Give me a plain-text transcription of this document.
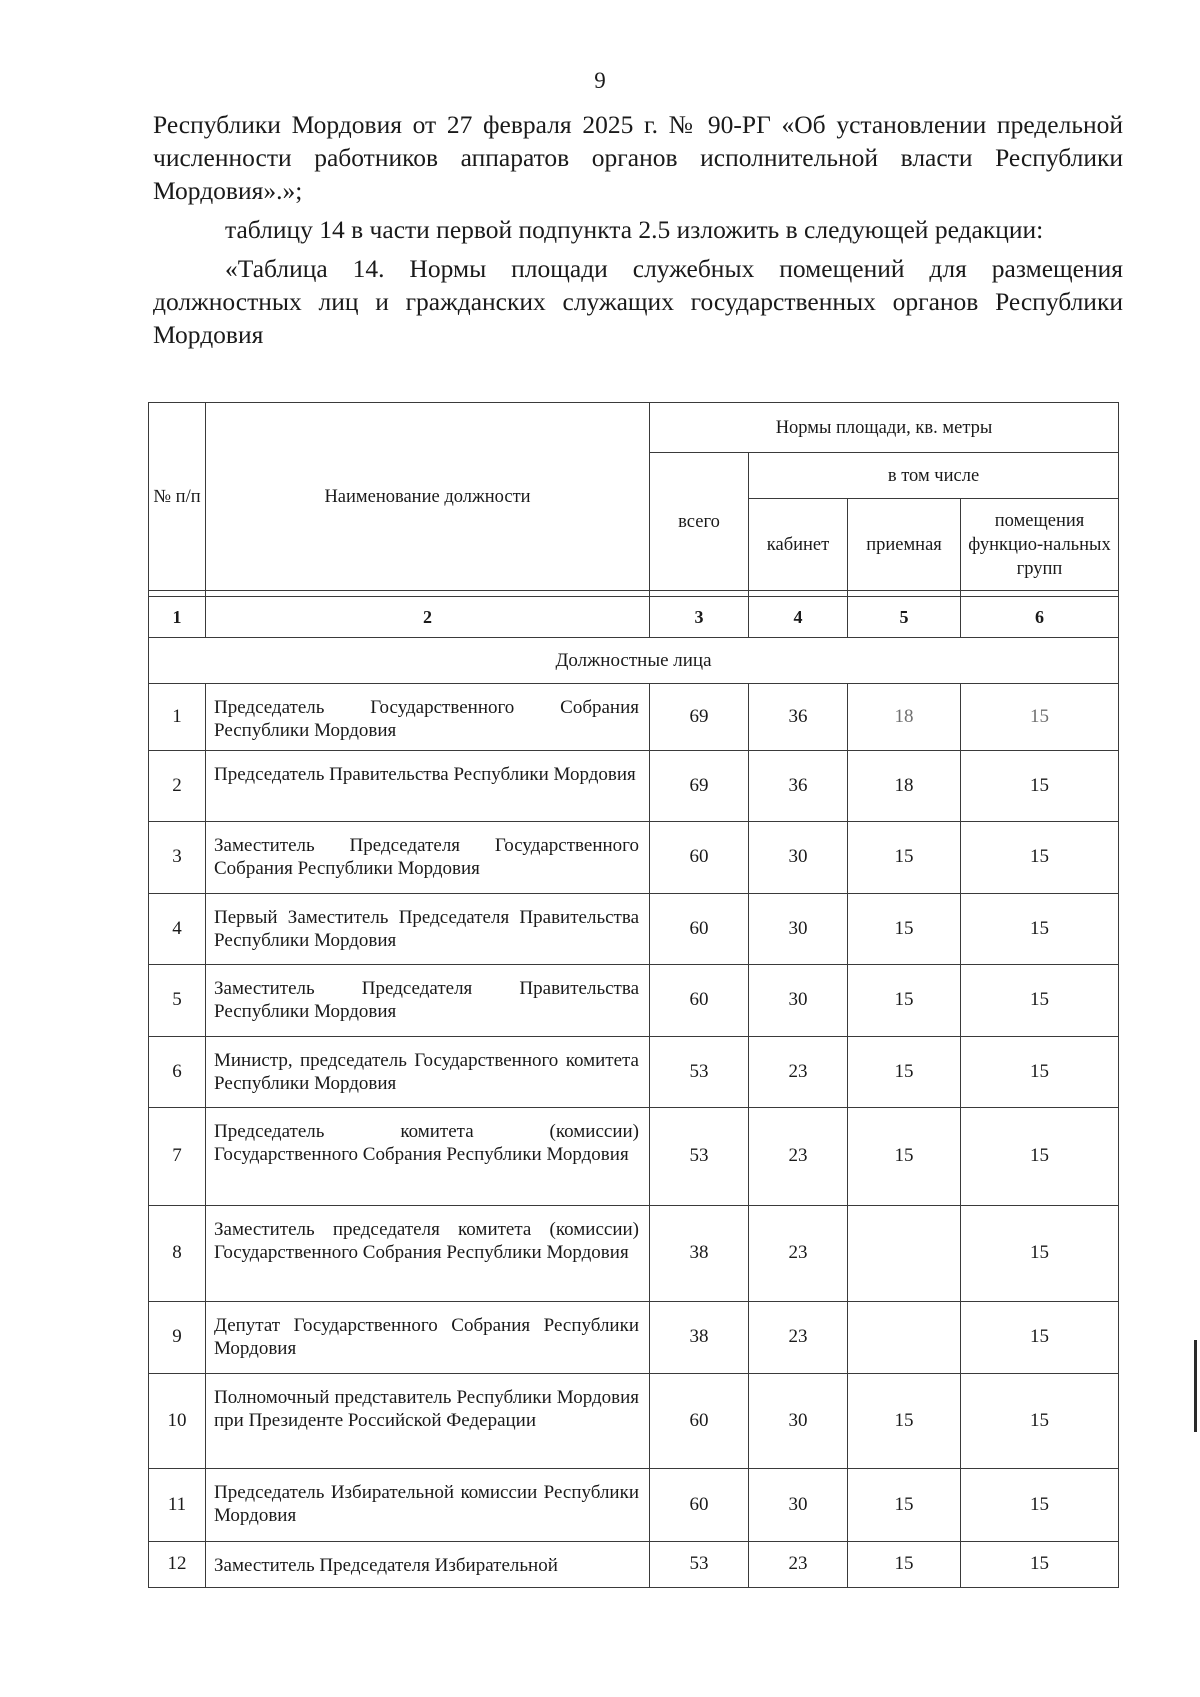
9

Республики Мордовия от 27 февраля 2025 г. № 90-РГ «Об установлении предельной численности работников аппаратов органов исполнительной власти Республики Мордовия».»;

таблицу 14 в части первой подпункта 2.5 изложить в следующей редакции:

«Таблица 14. Нормы площади служебных помещений для размещения должностных лиц и гражданских служащих государственных органов Республики Мордовия

№ п/п	Наименование должности	Нормы площади, кв. метры			
		всего	в том числе		
			кабинет	приемная	помещения функцио-нальных групп

1	2	3	4	5	6
Должностные лица					
1	Председатель Государственного Собрания Республики Мордовия	69	36	18	15
2	Председатель Правительства Республики Мордовия	69	36	18	15
3	Заместитель Председателя Государственного Собрания Республики Мордовия	60	30	15	15
4	Первый Заместитель Председателя Правительства Республики Мордовия	60	30	15	15
5	Заместитель Председателя Правительства Республики Мордовия	60	30	15	15
6	Министр, председатель Государственного комитета Республики Мордовия	53	23	15	15
7	Председатель комитета (комиссии) Государственного Собрания Республики Мордовия	53	23	15	15
8	Заместитель председателя комитета (комиссии) Государственного Собрания Республики Мордовия	38	23		15
9	Депутат Государственного Собрания Республики Мордовия	38	23		15
10	Полномочный представитель Республики Мордовия при Президенте Российской Федерации	60	30	15	15
11	Председатель Избирательной комиссии Республики Мордовия	60	30	15	15
12	Заместитель Председателя Избирательной	53	23	15	15
